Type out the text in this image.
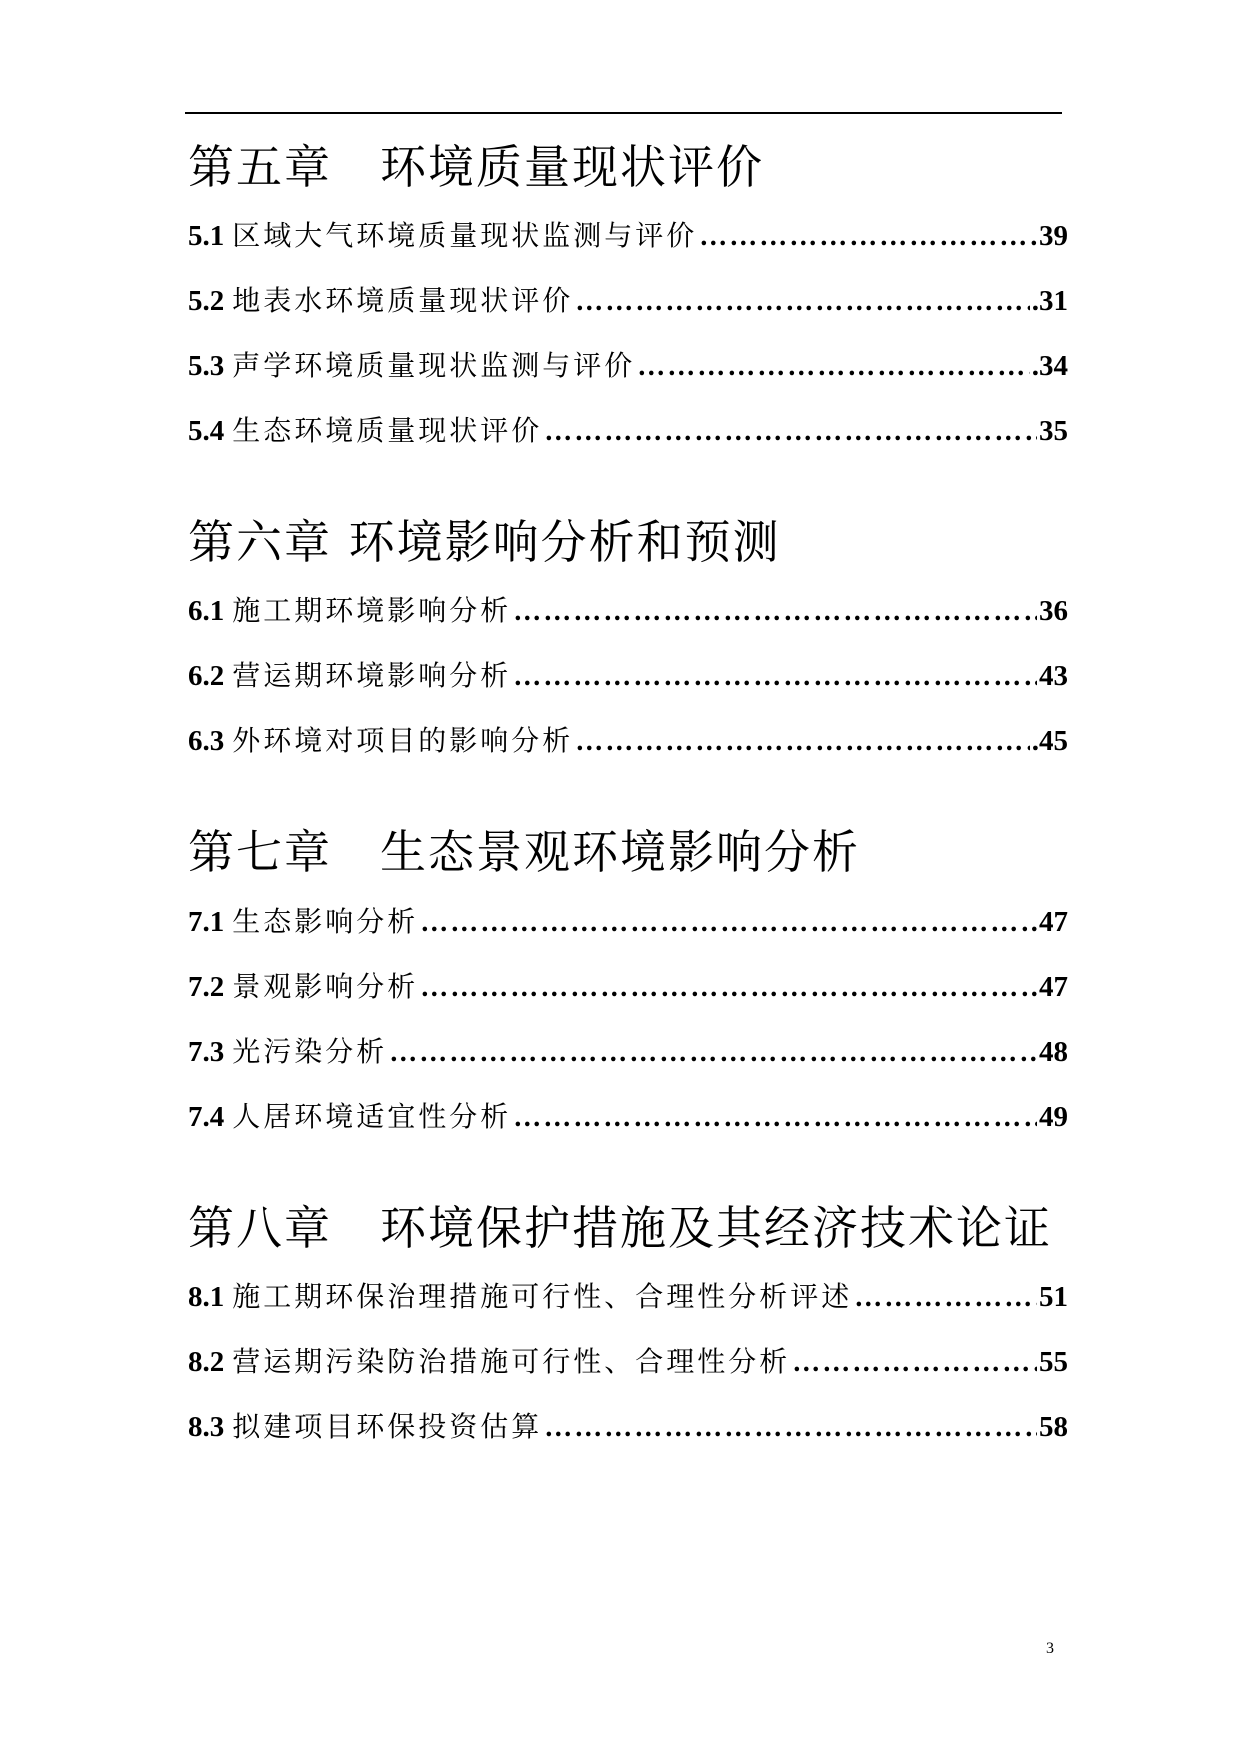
第五章　环境质量现状评价
5.1 区域大气环境质量现状监测与评价 ……………………………………………………………………………………………………………………	39
5.2 地表水环境质量现状评价 ……………………………………………………………………………………………………………………	.31
5.3 声学环境质量现状监测与评价 ……………………………………………………………………………………………………………………	.34
5.4 生态环境质量现状评价 ……………………………………………………………………………………………………………………	35
第六章 环境影响分析和预测
6.1 施工期环境影响分析 ……………………………………………………………………………………………………………………	36
6.2 营运期环境影响分析 ……………………………………………………………………………………………………………………	43
6.3 外环境对项目的影响分析 ……………………………………………………………………………………………………………………	.45
第七章　生态景观环境影响分析
7.1 生态影响分析 ……………………………………………………………………………………………………………………	47
7.2 景观影响分析 ……………………………………………………………………………………………………………………	47
7.3 光污染分析 ……………………………………………………………………………………………………………………	48
7.4 人居环境适宜性分析 ……………………………………………………………………………………………………………………	49
第八章　环境保护措施及其经济技术论证
8.1 施工期环保治理措施可行性、合理性分析评述 ……………………………………………………………………………………………………………………	51
8.2 营运期污染防治措施可行性、合理性分析 ……………………………………………………………………………………………………………………	55
8.3 拟建项目环保投资估算 ……………………………………………………………………………………………………………………	58
3
